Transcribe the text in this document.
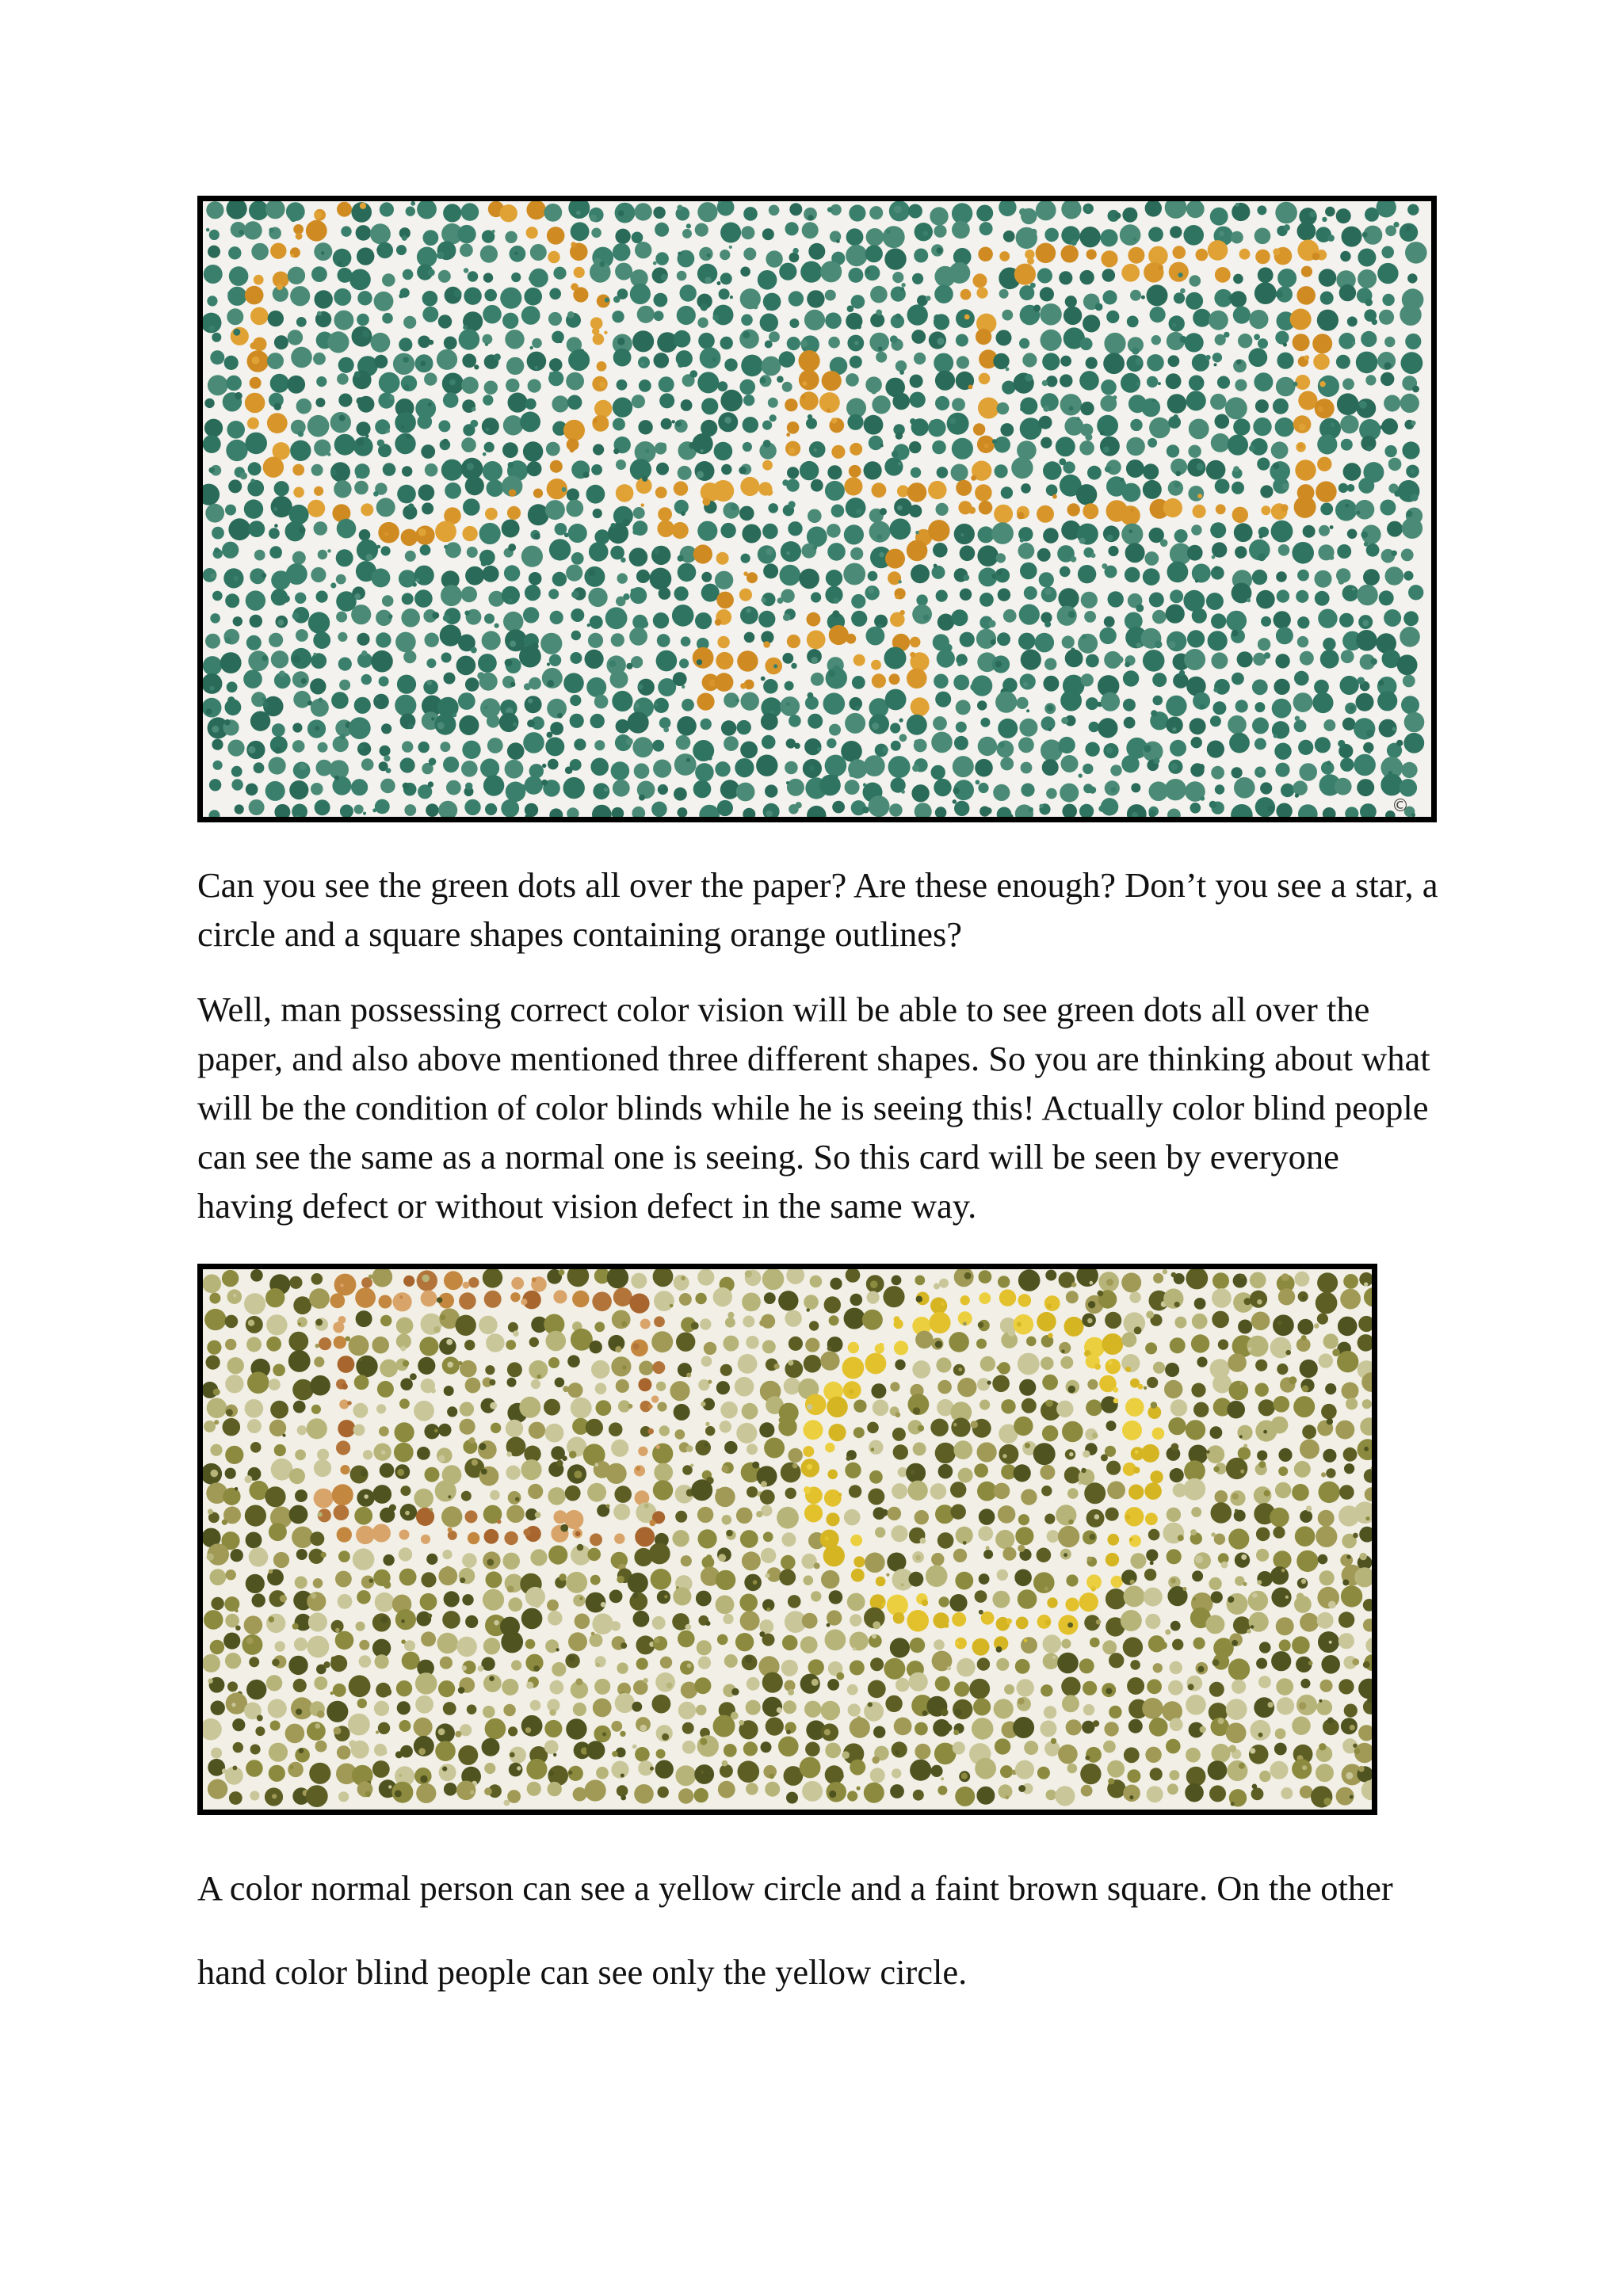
©

Can you see the green dots all over the paper? Are these enough? Don’t you see a star, a circle and a square shapes containing orange outlines?

Well, man possessing correct color vision will be able to see green dots all over the paper, and also above mentioned three different shapes. So you are thinking about what will be the condition of color blinds while he is seeing this! Actually color blind people can see the same as a normal one is seeing. So this card will be seen by everyone having defect or without vision defect in the same way.

A color normal person can see a yellow circle and a faint brown square. On the other hand color blind people can see only the yellow circle.
